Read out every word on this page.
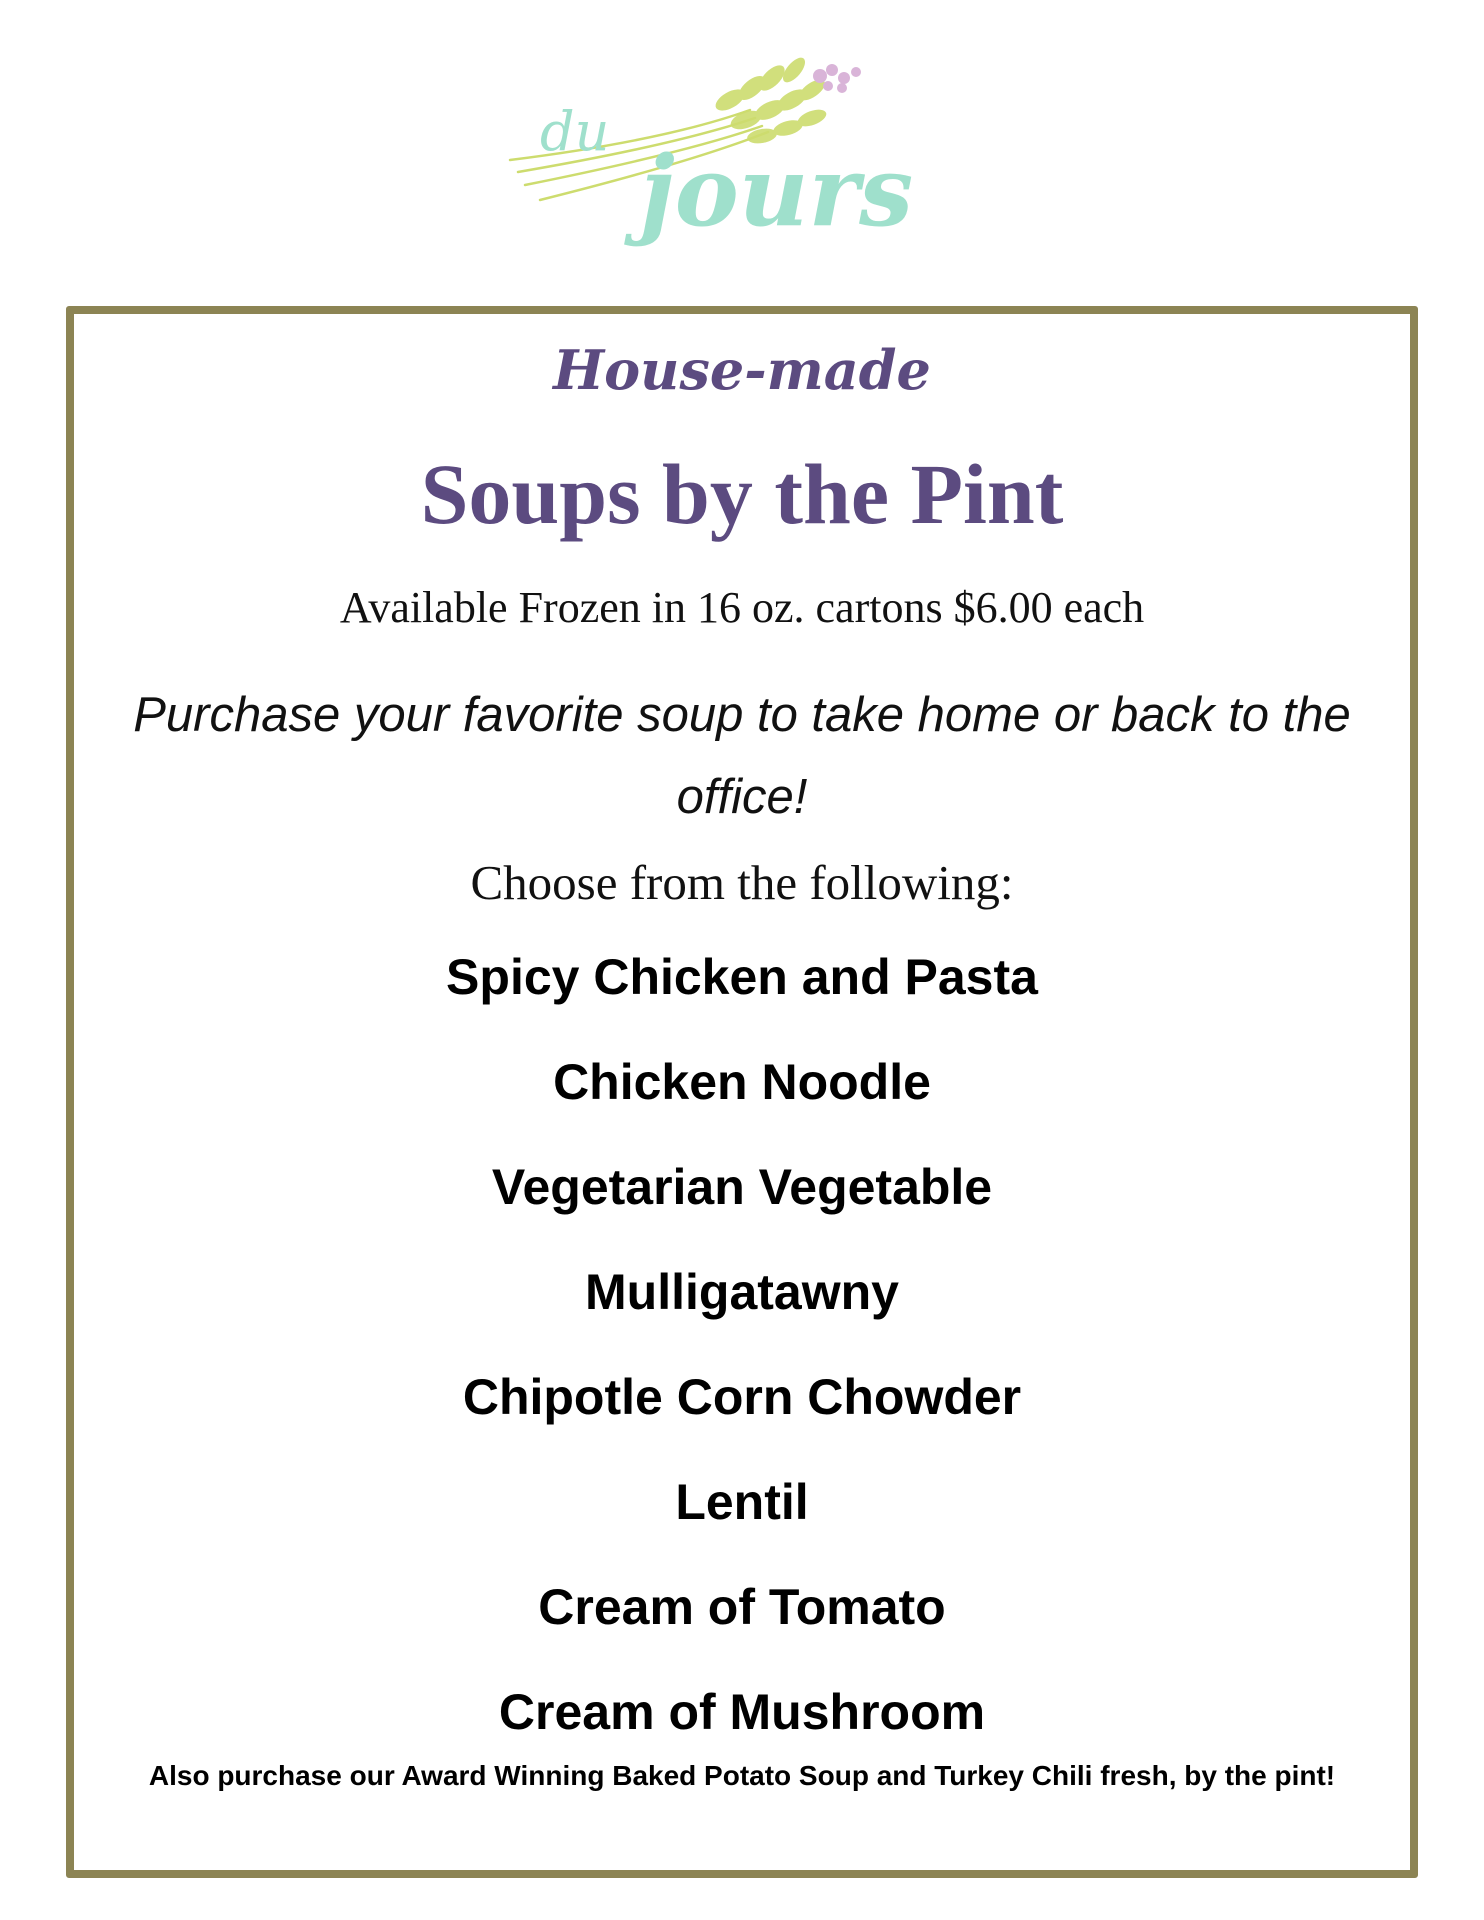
du
jours

House-made

Soups by the Pint

Available Frozen in 16 oz. cartons $6.00 each

Purchase your favorite soup to take home or back to the office!

Choose from the following:

Spicy Chicken and Pasta
Chicken Noodle
Vegetarian Vegetable
Mulligatawny
Chipotle Corn Chowder
Lentil
Cream of Tomato
Cream of Mushroom

Also purchase our Award Winning Baked Potato Soup and Turkey Chili fresh, by the pint!
